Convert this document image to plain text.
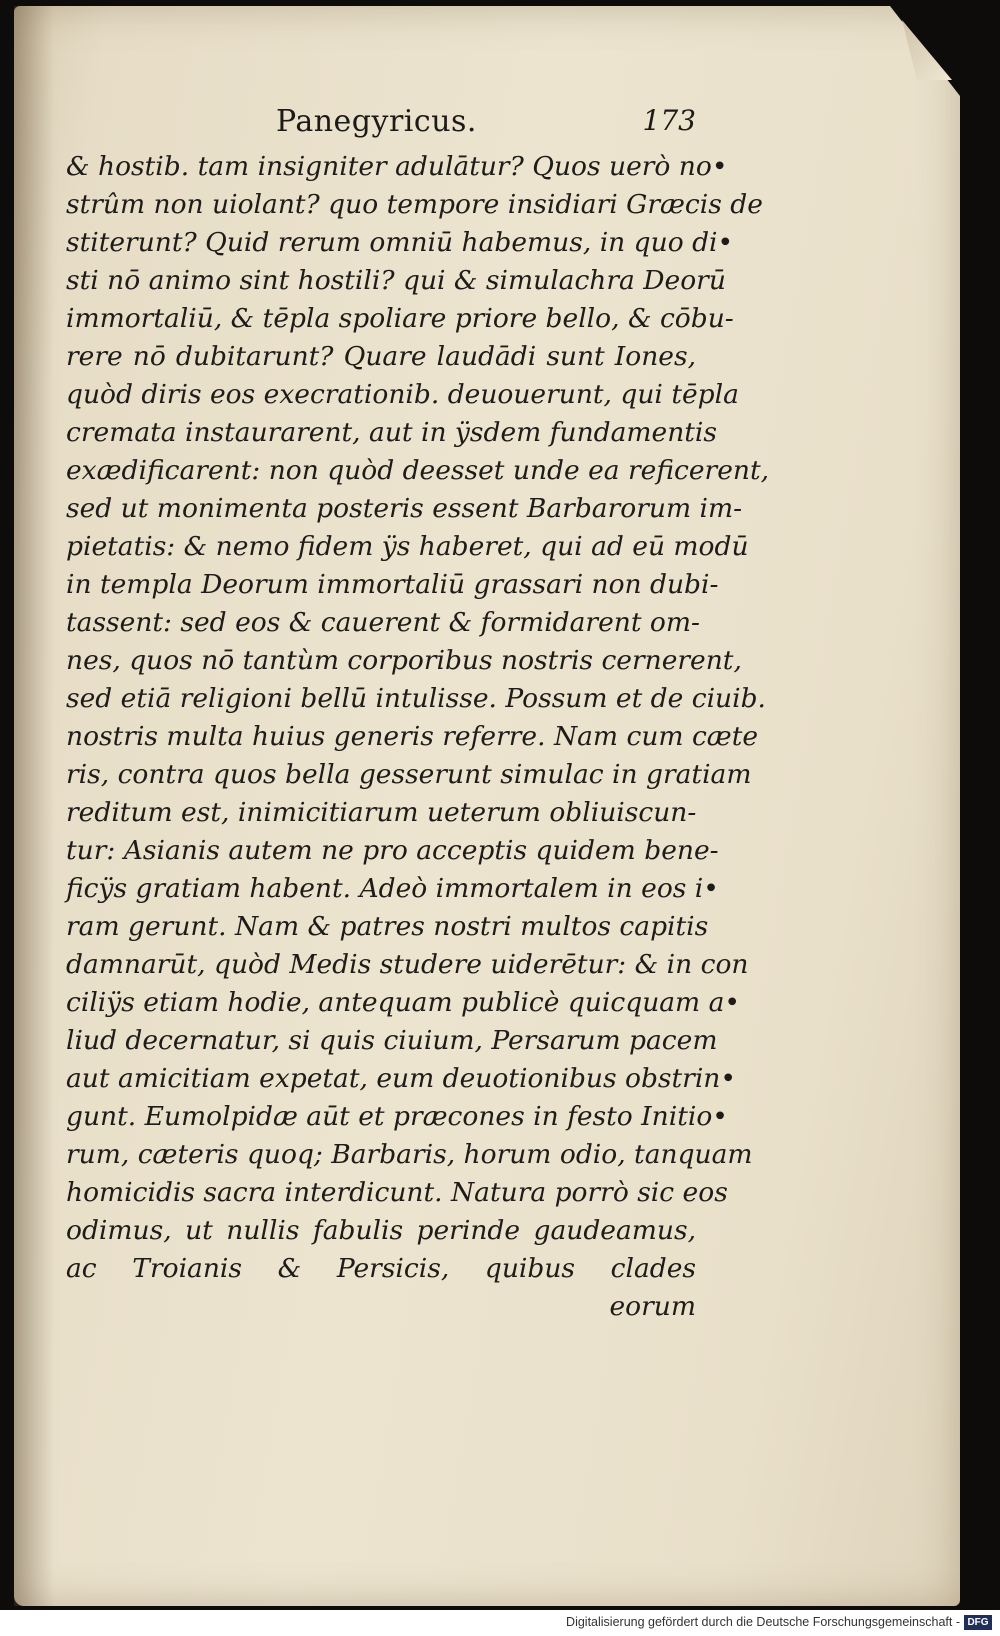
Panegyricus.	173
& hostib. tam insigniter adulātur? Quos uerò no•
strûm non uiolant? quo tempore insidiari Græcis de
stiterunt? Quid rerum omniū habemus, in quo di•
sti nō animo sint hostili? qui & simulachra Deorū
immortaliū, & tēpla spoliare priore bello, & cōbu-
rere nō dubitarunt? Quare laudādi sunt Iones,
quòd diris eos execrationib. deuouerunt, qui tēpla
cremata instaurarent, aut in ÿsdem fundamentis
exædificarent: non quòd deesset unde ea reficerent,
sed ut monimenta posteris essent Barbarorum im-
pietatis: & nemo fidem ÿs haberet, qui ad eū modū
in templa Deorum immortaliū grassari non dubi-
tassent: sed eos & cauerent & formidarent om-
nes, quos nō tantùm corporibus nostris cernerent,
sed etiā religioni bellū intulisse. Possum et de ciuib.
nostris multa huius generis referre. Nam cum cæte
ris, contra quos bella gesserunt simulac in gratiam
reditum est, inimicitiarum ueterum obliuiscun-
tur: Asianis autem ne pro acceptis quidem bene-
ficÿs gratiam habent. Adeò immortalem in eos i•
ram gerunt. Nam & patres nostri multos capitis
damnarūt, quòd Medis studere uiderētur: & in con
ciliÿs etiam hodie, antequam publicè quicquam a•
liud decernatur, si quis ciuium, Persarum pacem
aut amicitiam expetat, eum deuotionibus obstrin•
gunt. Eumolpidæ aūt et præcones in festo Initio•
rum, cæteris quoq; Barbaris, horum odio, tanquam
homicidis sacra interdicunt. Natura porrò sic eos
odimus, ut nullis fabulis perinde gaudeamus,
ac Troianis & Persicis, quibus clades
eorum
Digitalisierung gefördert durch die Deutsche Forschungsgemeinschaft - DFG
